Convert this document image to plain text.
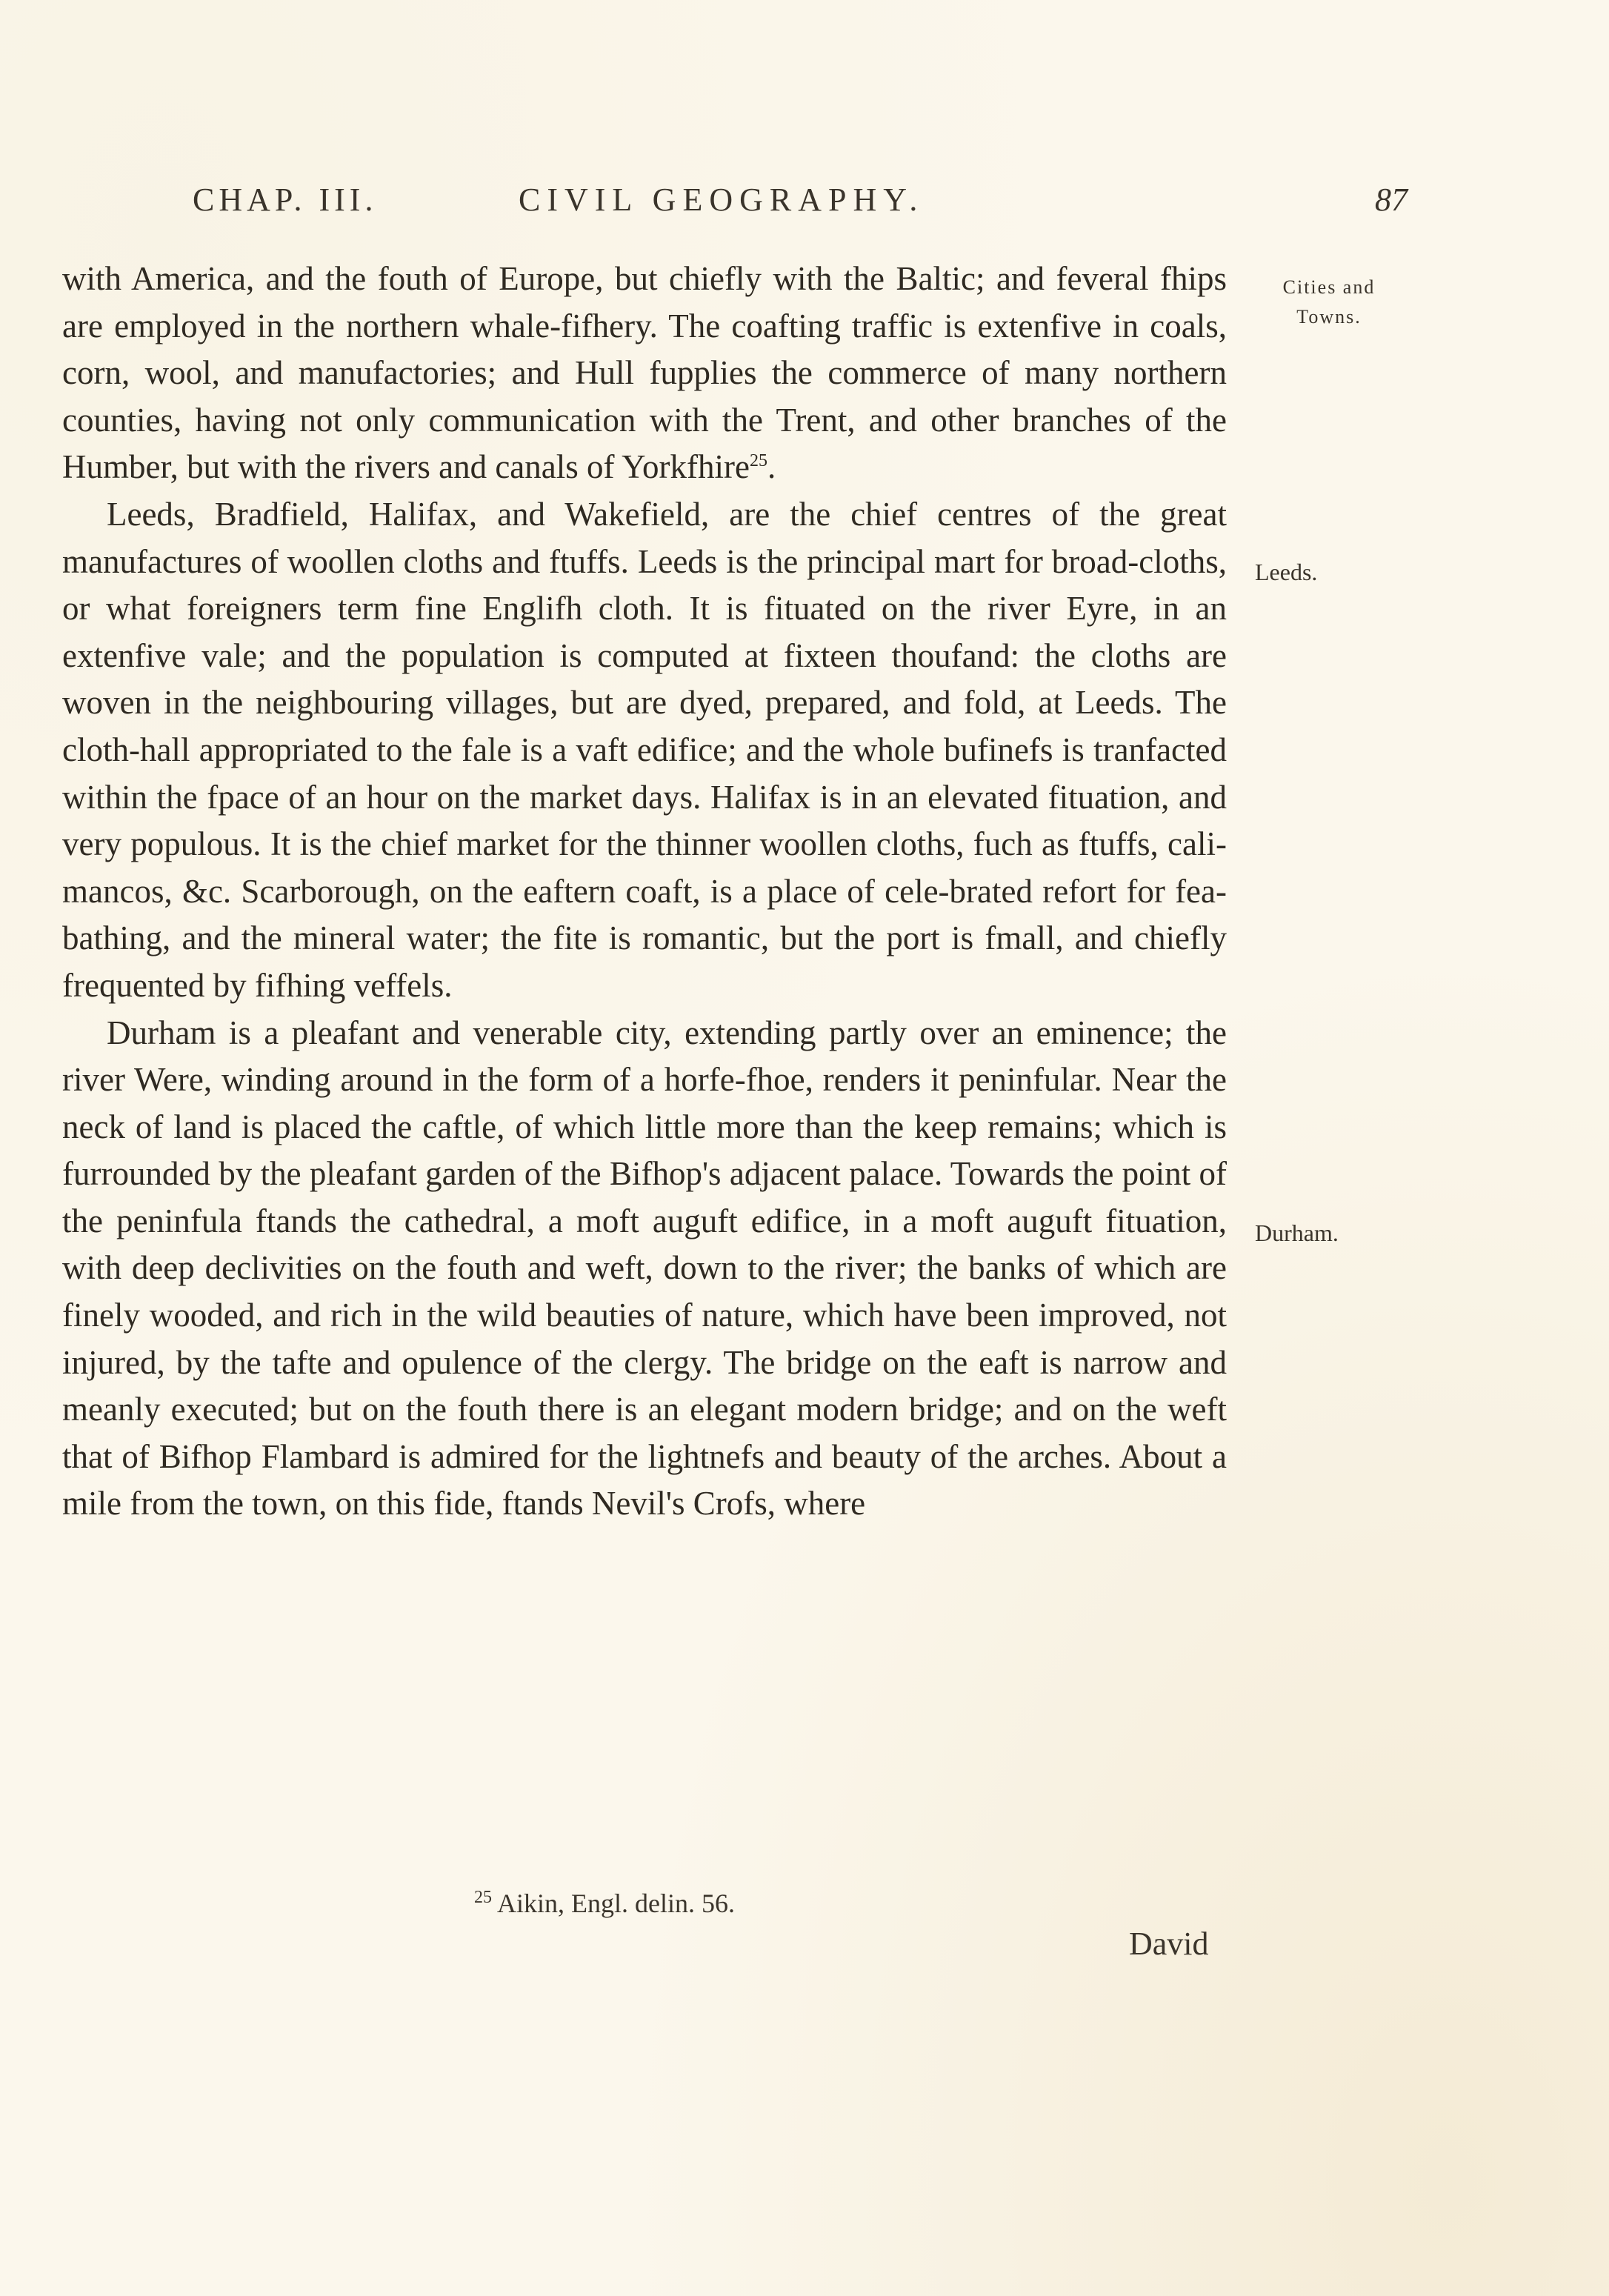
CHAP. III.	CIVIL GEOGRAPHY.	87
Cities and Towns.
Leeds.
Durham.

with America, and the fouth of Europe, but chiefly with the Baltic; and feveral fhips are employed in the northern whale-fifhery. The coafting traffic is extenfive in coals, corn, wool, and manufactories; and Hull fupplies the commerce of many northern counties, having not only communication with the Trent, and other branches of the Humber, but with the rivers and canals of Yorkfhire$^{25}$.

Leeds, Bradfield, Halifax, and Wakefield, are the chief centres of the great manufactures of woollen cloths and ftuffs. Leeds is the principal mart for broad-cloths, or what foreigners term fine Englifh cloth. It is fituated on the river Eyre, in an extenfive vale; and the population is computed at fixteen thoufand: the cloths are woven in the neighbouring villages, but are dyed, prepared, and fold, at Leeds. The cloth-hall appropriated to the fale is a vaft edifice; and the whole bufinefs is tranfacted within the fpace of an hour on the market days. Halifax is in an elevated fituation, and very populous. It is the chief market for the thinner woollen cloths, fuch as ftuffs, cali-mancos, &c. Scarborough, on the eaftern coaft, is a place of cele-brated refort for fea-bathing, and the mineral water; the fite is romantic, but the port is fmall, and chiefly frequented by fifhing veffels.

Durham is a pleafant and venerable city, extending partly over an eminence; the river Were, winding around in the form of a horfe-fhoe, renders it peninfular. Near the neck of land is placed the caftle, of which little more than the keep remains; which is furrounded by the pleafant garden of the Bifhop's adjacent palace. Towards the point of the peninfula ftands the cathedral, a moft auguft edifice, in a moft auguft fituation, with deep declivities on the fouth and weft, down to the river; the banks of which are finely wooded, and rich in the wild beauties of nature, which have been improved, not injured, by the tafte and opulence of the clergy. The bridge on the eaft is narrow and meanly executed; but on the fouth there is an elegant modern bridge; and on the weft that of Bifhop Flambard is admired for the lightnefs and beauty of the arches. About a mile from the town, on this fide, ftands Nevil's Crofs, where

$^{25}$ Aikin, Engl. delin. 56.
David
